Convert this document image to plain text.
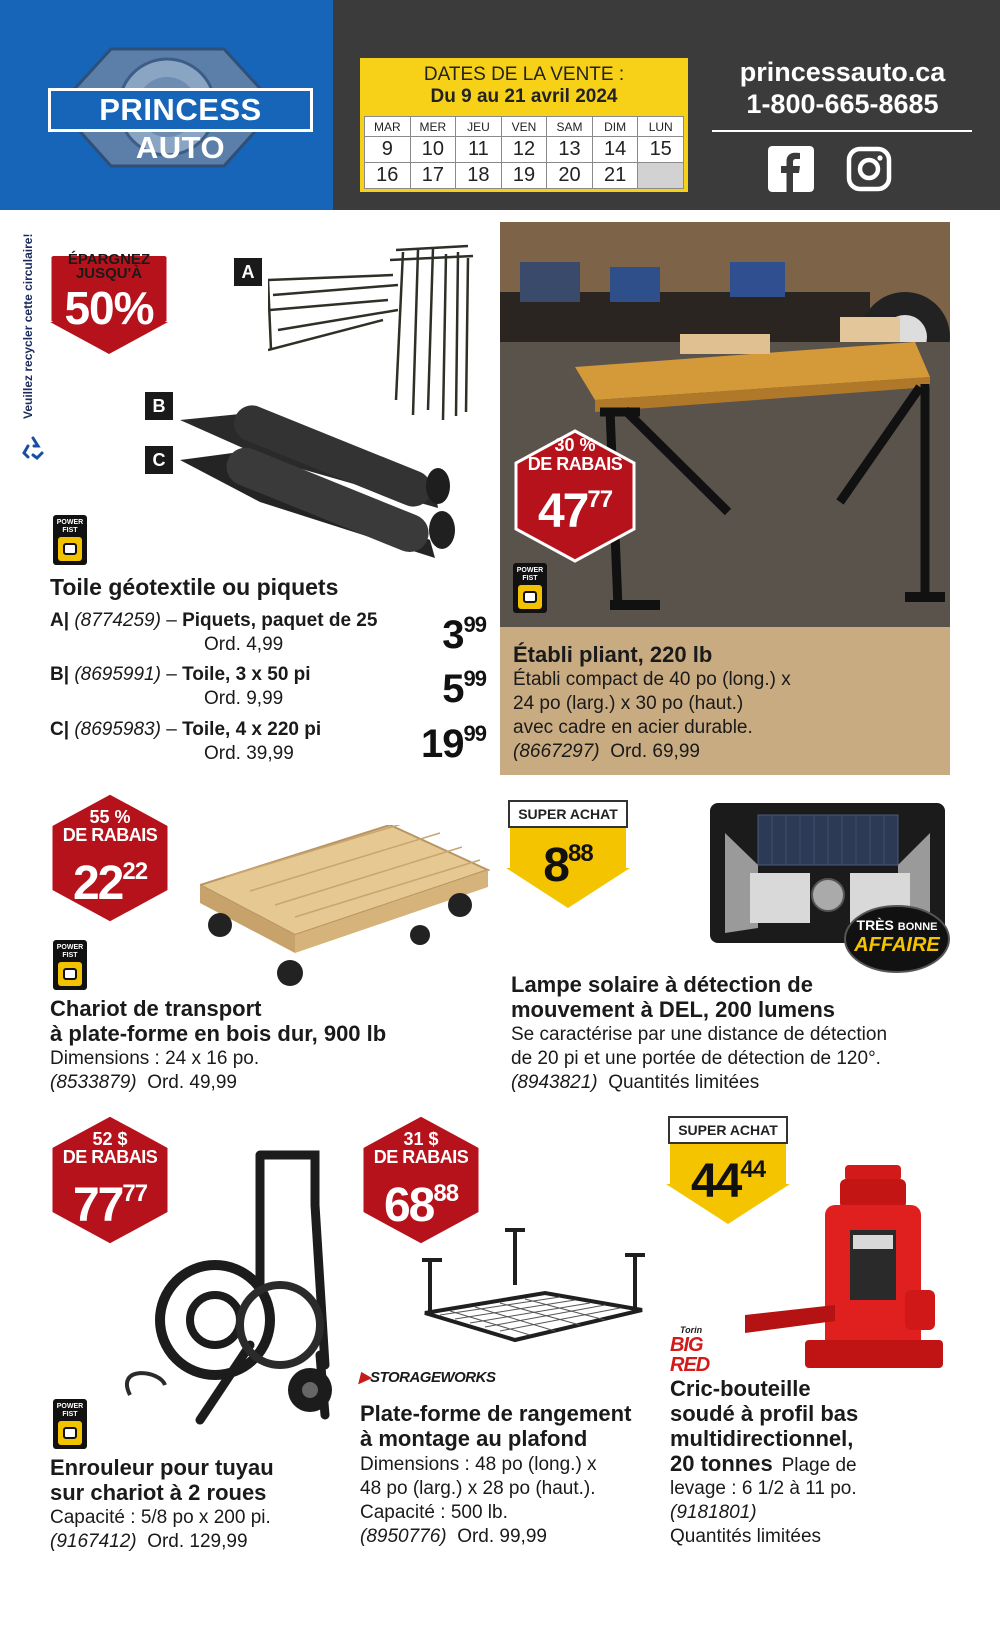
PRINCESS AUTO
DATES DE LA VENTE :
Du 9 au 21 avril 2024
MAR	MER	JEU	VEN	SAM	DIM	LUN
9	10	11	12	13	14	15
16	17	18	19	20	21	
princessauto.ca
1-800-665-8685
Veuillez recycler cette circulaire!	ÉPARGNEZ
JUSQU'À
50%
A
B
C
POWER FIST
Toile géotextile ou piquets
A| (8774259) – Piquets, paquet de 25
Ord. 4,99	$3^{99}$
B| (8695991) – Toile, 3 x 50 pi
Ord. 9,99	$5^{99}$
C| (8695983) – Toile, 4 x 220 pi
Ord. 39,99	$19^{99}$
30 %
DE RABAIS
$47^{77}$
POWER FIST
Établi pliant, 220 lb
Établi compact de 40 po (long.) x
24 po (larg.) x 30 po (haut.)
avec cadre en acier durable.
(8667297) Ord. 69,99
55 %
DE RABAIS
$22^{22}$
POWER FIST
Chariot de transport
à plate-forme en bois dur, 900 lb
Dimensions : 24 x 16 po.
(8533879) Ord. 49,99
SUPER ACHAT
$8^{88}$
TRÈS BONNE
AFFAIRE
Lampe solaire à détection de
mouvement à DEL, 200 lumens
Se caractérise par une distance de détection
de 20 pi et une portée de détection de 120°.
(8943821) Quantités limitées
52 $
DE RABAIS
$77^{77}$
POWER FIST
Enrouleur pour tuyau
sur chariot à 2 roues
Capacité : 5/8 po x 200 pi.
(9167412) Ord. 129,99
31 $
DE RABAIS
$68^{88}$
▶STORAGEWORKS
Plate-forme de rangement
à montage au plafond
Dimensions : 48 po (long.) x
48 po (larg.) x 28 po (haut.).
Capacité : 500 lb.
(8950776) Ord. 99,99
SUPER ACHAT
$44^{44}$
Torin
BIG RED
Cric-bouteille
soudé à profil bas
multidirectionnel,
20 tonnes Plage de
levage : 6 1/2 à 11 po.
(9181801)
Quantités limitées
